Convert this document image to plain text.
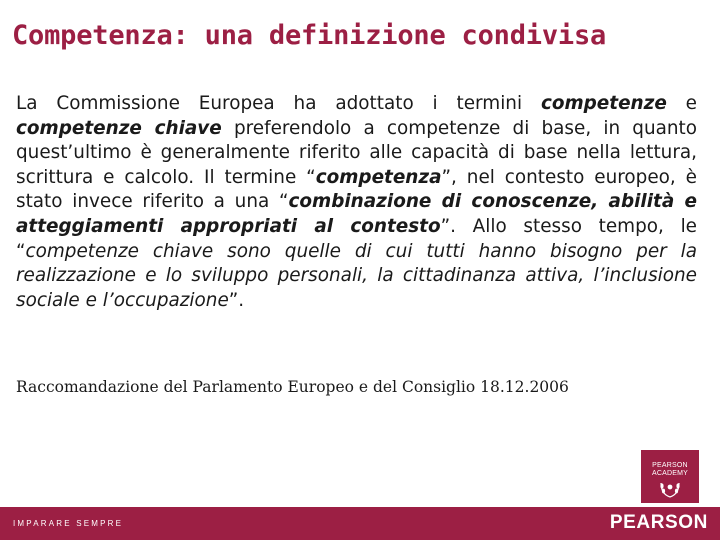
Competenza: una definizione condivisa
La Commissione Europea ha adottato i termini competenze e competenze chiave preferendolo a competenze di base, in quanto quest’ultimo è generalmente riferito alle capacità di base nella lettura, scrittura e calcolo. Il termine “competenza”, nel contesto europeo, è stato invece riferito a una “combinazione di conoscenze, abilità e atteggiamenti appropriati al contesto”. Allo stesso tempo, le “competenze chiave sono quelle di cui tutti hanno bisogno per la realizzazione e lo sviluppo personali, la cittadinanza attiva, l’inclusione sociale e l’occupazione”.
Raccomandazione del Parlamento Europeo e del Consiglio 18.12.2006
PEARSON
ACADEMY
IMPARARE SEMPRE	PEARSON
